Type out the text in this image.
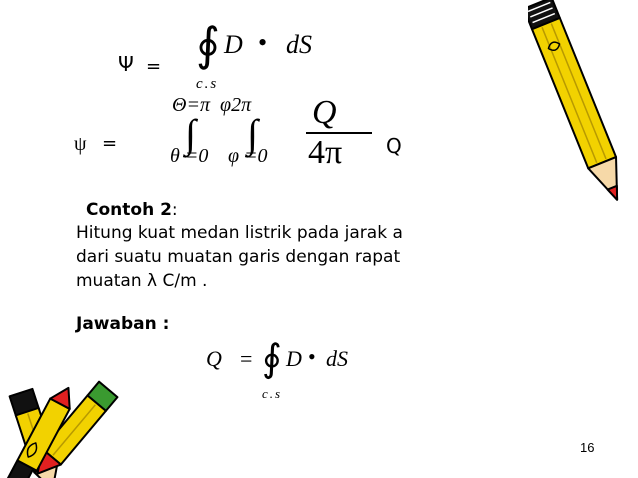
Ψ = ∮ D • dS
c.s
ψ =
Θ=π φ2π
∫ ∫
θ =0 φ =0
Q
4π Q
Contoh 2:
Hitung kuat medan listrik pada jarak a
dari suatu muatan garis dengan rapat
muatan λ C/m .
Jawaban :
Q = ∮ D • dS
c.s
16
